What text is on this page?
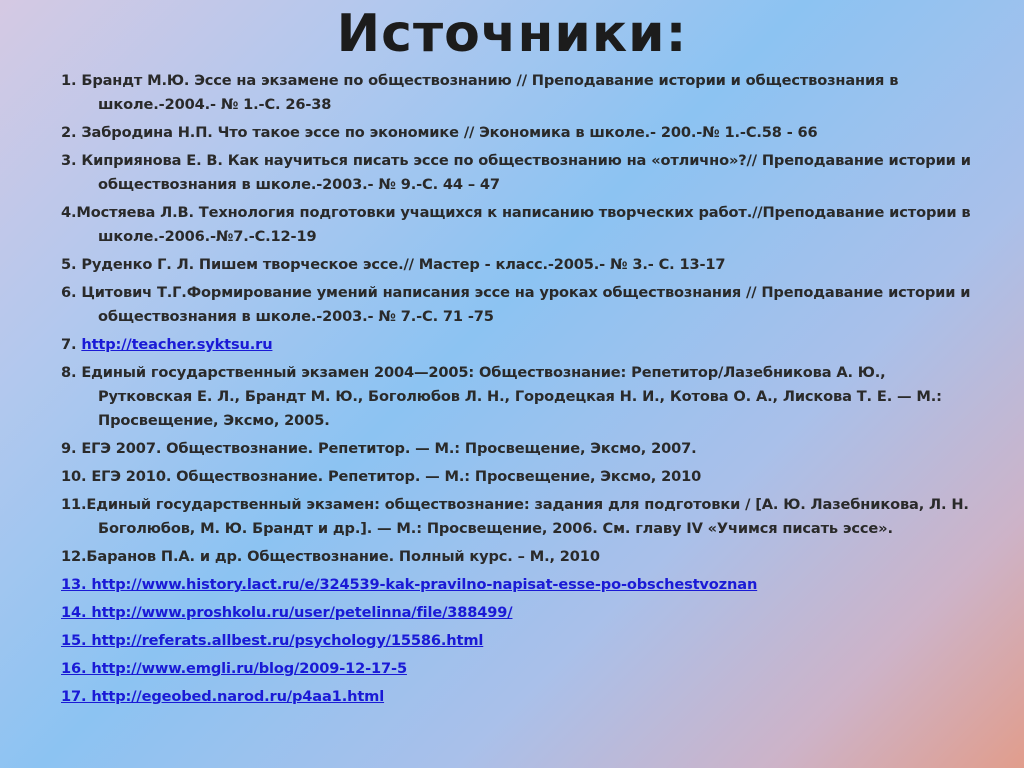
Источники:
1. Брандт М.Ю. Эссе на экзамене по обществознанию // Преподавание истории и обществознания в школе.-2004.- № 1.-С. 26-38
2. Забродина Н.П. Что такое эссе по экономике // Экономика в школе.- 200.-№ 1.-С.58 - 66
3. Киприянова Е. В. Как научиться писать эссе по обществознанию на «отлично»?// Преподавание истории и обществознания в школе.-2003.- № 9.-С. 44 – 47
4.Мостяева Л.В. Технология подготовки учащихся к написанию творческих работ.//Преподавание истории в школе.-2006.-№7.-С.12-19
5. Руденко Г. Л. Пишем творческое эссе.// Мастер - класс.-2005.- № 3.- С. 13-17
6. Цитович Т.Г.Формирование умений написания эссе на уроках обществознания // Преподавание истории и обществознания в школе.-2003.- № 7.-С. 71 -75
7. http://teacher.syktsu.ru
8. Единый государственный экзамен 2004—2005: Обществознание: Репетитор/Лазебникова А. Ю., Рутковская Е. Л., Брандт М. Ю., Боголюбов Л. Н., Городецкая Н. И., Котова О. А., Лискова Т. Е. — М.: Просвещение, Эксмо, 2005.
9. ЕГЭ 2007. Обществознание. Репетитор. — М.: Просвещение, Эксмо, 2007.
10. ЕГЭ 2010. Обществознание. Репетитор. — М.: Просвещение, Эксмо, 2010
11.Единый государственный экзамен: обществознание: задания для подготовки / [А. Ю. Лазебникова, Л. Н. Боголюбов, М. Ю. Брандт и др.]. — М.: Просвещение, 2006. См. главу IV «Учимся писать эссе».
12.Баранов П.А. и др. Обществознание. Полный курс. – М., 2010
13. http://www.history.lact.ru/e/324539-kak-pravilno-napisat-esse-po-obschestvoznan
14. http://www.proshkolu.ru/user/petelinna/file/388499/
15. http://referats.allbest.ru/psychology/15586.html
16. http://www.emgli.ru/blog/2009-12-17-5
17. http://egeobed.narod.ru/p4aa1.html
